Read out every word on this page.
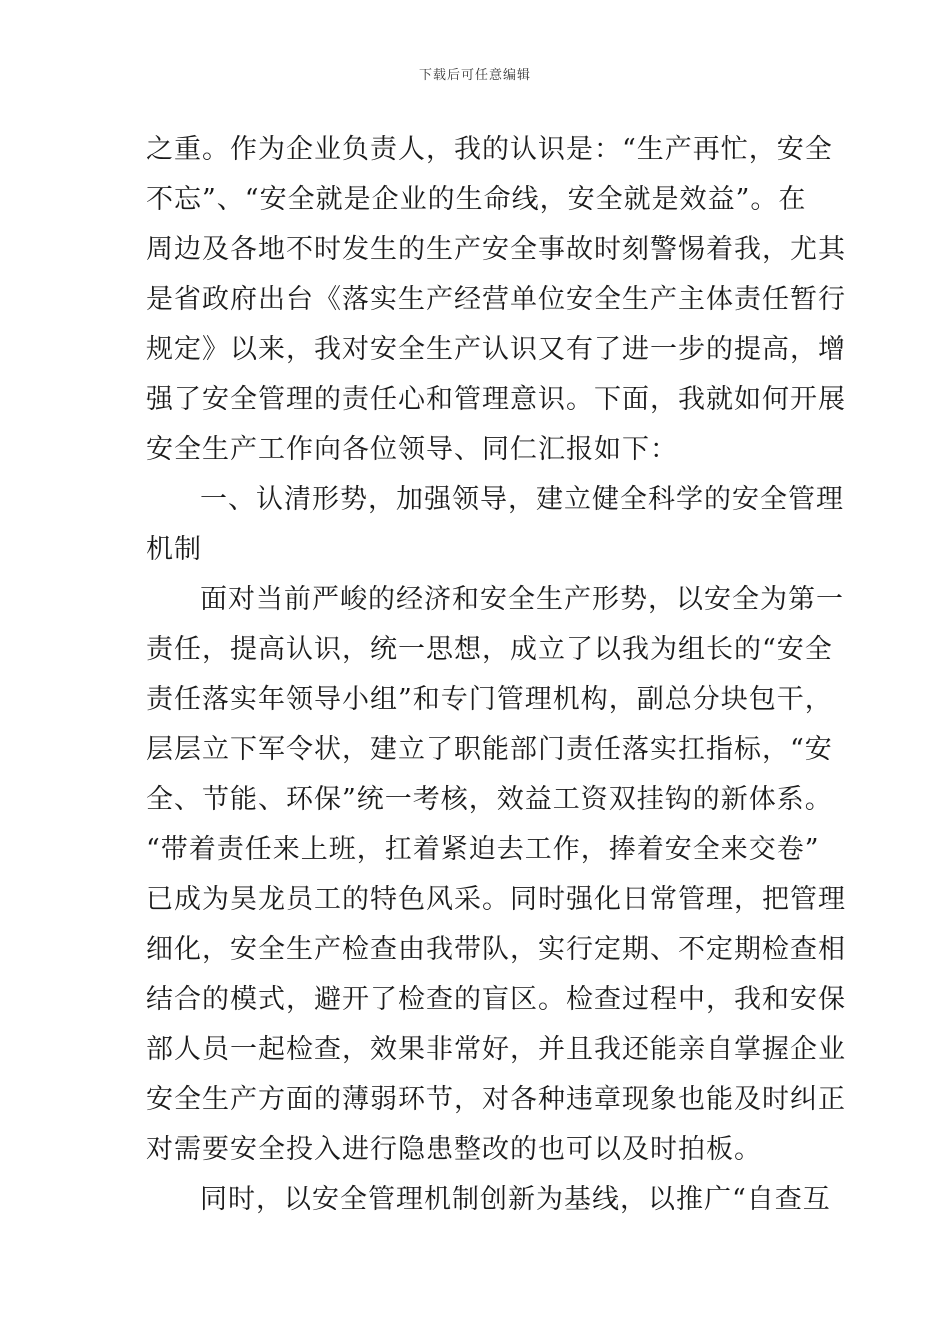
下载后可任意编辑
之重。作为企业负责人，我的认识是：“生产再忙，安全
不忘”、“安全就是企业的生命线，安全就是效益”。在
周边及各地不时发生的生产安全事故时刻警惕着我，尤其
是省政府出台《落实生产经营单位安全生产主体责任暂行
规定》以来，我对安全生产认识又有了进一步的提高，增
强了安全管理的责任心和管理意识。下面，我就如何开展
安全生产工作向各位领导、同仁汇报如下：
一、认清形势，加强领导，建立健全科学的安全管理
机制
面对当前严峻的经济和安全生产形势，以安全为第一
责任，提高认识，统一思想，成立了以我为组长的“安全
责任落实年领导小组”和专门管理机构，副总分块包干，
层层立下军令状，建立了职能部门责任落实扛指标，“安
全、节能、环保”统一考核，效益工资双挂钩的新体系。
“带着责任来上班，扛着紧迫去工作，捧着安全来交卷”
已成为昊龙员工的特色风采。同时强化日常管理，把管理
细化，安全生产检查由我带队，实行定期、不定期检查相
结合的模式，避开了检查的盲区。检查过程中，我和安保
部人员一起检查，效果非常好，并且我还能亲自掌握企业
安全生产方面的薄弱环节，对各种违章现象也能及时纠正
对需要安全投入进行隐患整改的也可以及时拍板。
同时，以安全管理机制创新为基线，以推广“自查互
